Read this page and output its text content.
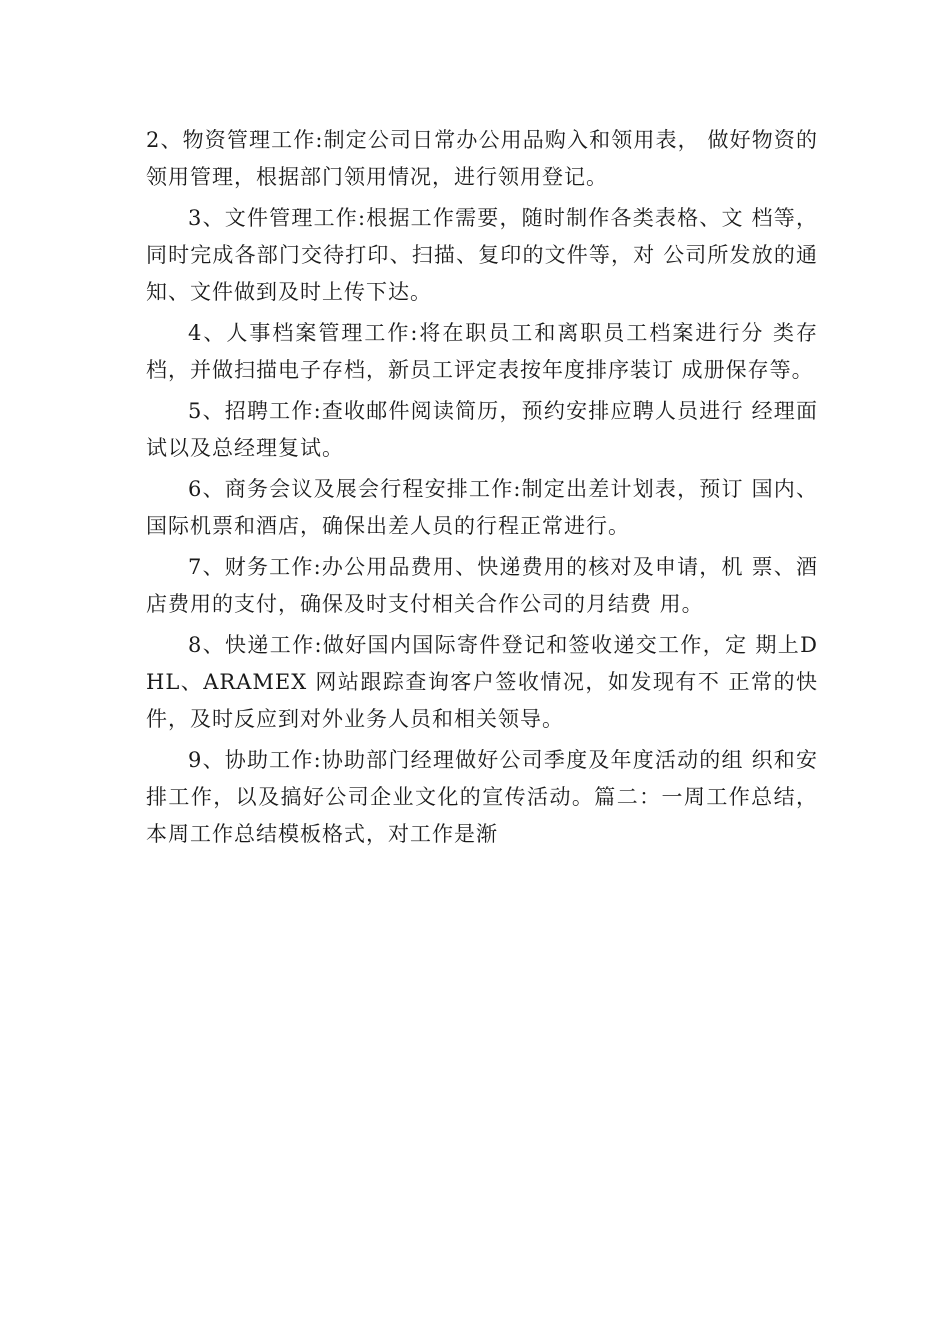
2、物资管理工作:制定公司日常办公用品购入和领用表， 做好物资的领用管理，根据部门领用情况，进行领用登记。

3、文件管理工作:根据工作需要，随时制作各类表格、文 档等，同时完成各部门交待打印、扫描、复印的文件等，对 公司所发放的通知、文件做到及时上传下达。

4、人事档案管理工作:将在职员工和离职员工档案进行分 类存档，并做扫描电子存档，新员工评定表按年度排序装订 成册保存等。

5、招聘工作:查收邮件阅读简历，预约安排应聘人员进行 经理面试以及总经理复试。

6、商务会议及展会行程安排工作:制定出差计划表，预订 国内、国际机票和酒店，确保出差人员的行程正常进行。

7、财务工作:办公用品费用、快递费用的核对及申请，机 票、酒店费用的支付，确保及时支付相关合作公司的月结费 用。

8、快递工作:做好国内国际寄件登记和签收递交工作，定 期上DHL、ARAMEX 网站跟踪查询客户签收情况，如发现有不 正常的快件，及时反应到对外业务人员和相关领导。

9、协助工作:协助部门经理做好公司季度及年度活动的组 织和安排工作，以及搞好公司企业文化的宣传活动。篇二：一周工作总结，本周工作总结模板格式，对工作是渐
